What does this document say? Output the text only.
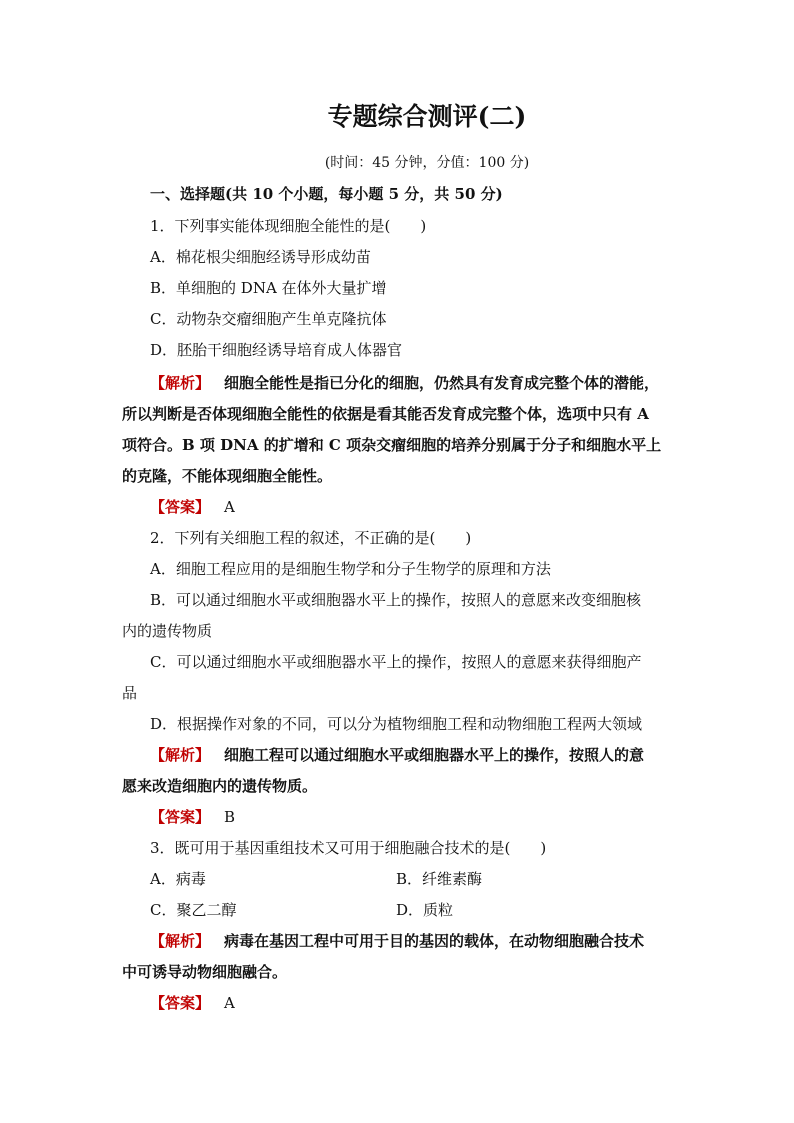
专题综合测评(二)
(时间：45 分钟，分值：100 分)
一、选择题(共 10 个小题，每小题 5 分，共 50 分)
1．下列事实能体现细胞全能性的是(　　)
A．棉花根尖细胞经诱导形成幼苗
B．单细胞的 DNA 在体外大量扩增
C．动物杂交瘤细胞产生单克隆抗体
D．胚胎干细胞经诱导培育成人体器官
【解析】 细胞全能性是指已分化的细胞，仍然具有发育成完整个体的潜能，
所以判断是否体现细胞全能性的依据是看其能否发育成完整个体，选项中只有 A
项符合。B 项 DNA 的扩增和 C 项杂交瘤细胞的培养分别属于分子和细胞水平上
的克隆，不能体现细胞全能性。
【答案】 A
2．下列有关细胞工程的叙述，不正确的是(　　)
A．细胞工程应用的是细胞生物学和分子生物学的原理和方法
B．可以通过细胞水平或细胞器水平上的操作，按照人的意愿来改变细胞核
内的遗传物质
C．可以通过细胞水平或细胞器水平上的操作，按照人的意愿来获得细胞产
品
D．根据操作对象的不同，可以分为植物细胞工程和动物细胞工程两大领域
【解析】 细胞工程可以通过细胞水平或细胞器水平上的操作，按照人的意
愿来改造细胞内的遗传物质。
【答案】 B
3．既可用于基因重组技术又可用于细胞融合技术的是(　　)
A．病毒	B．纤维素酶
C．聚乙二醇	D．质粒
【解析】 病毒在基因工程中可用于目的基因的载体，在动物细胞融合技术
中可诱导动物细胞融合。
【答案】 A
